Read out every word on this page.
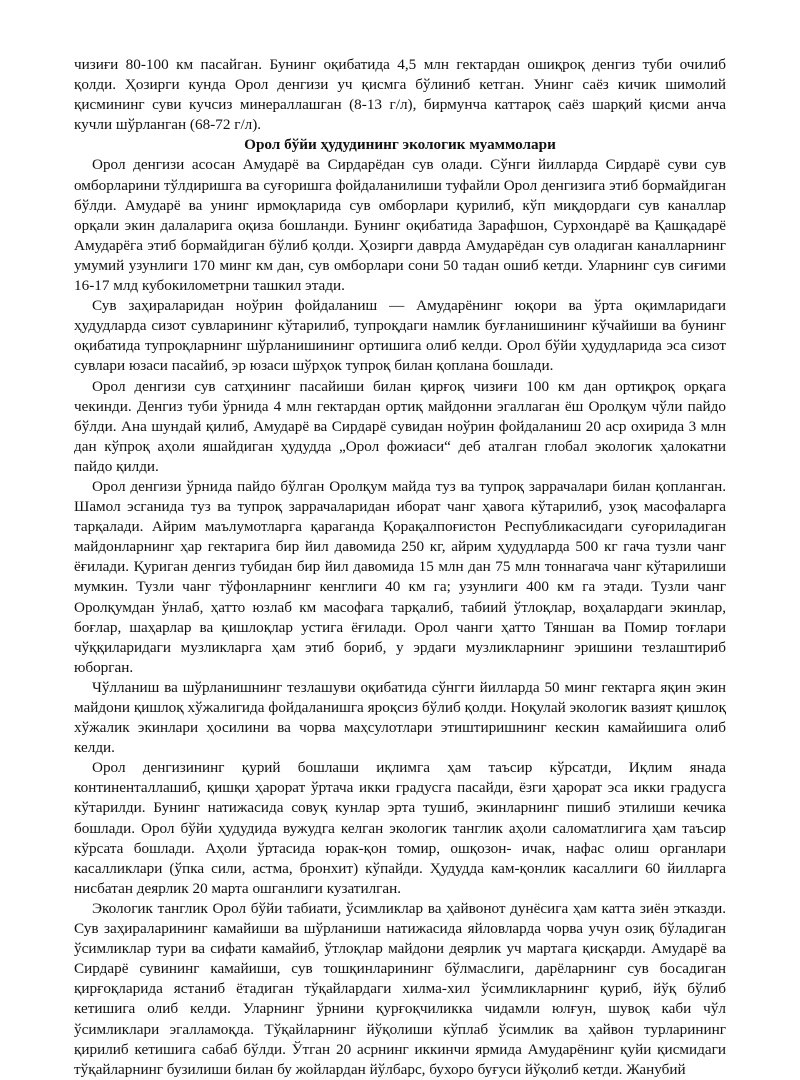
чизиғи 80-100 км пасайган. Бунинг оқибатида 4,5 млн гектардан ошиқроқ денгиз туби очилиб қолди. Ҳозирги кунда Орол денгизи уч қисмга бўлиниб кетган. Унинг саёз кичик шимолий қисмининг суви кучсиз минераллашган (8-13 г/л), бирмунча каттароқ саёз шарқий қисми анча кучли шўрланган (68-72 г/л).

Орол бўйи ҳудудининг экологик муаммолари

Орол денгизи асосан Амударё ва Сирдарёдан сув олади. Сўнги йилларда Сирдарё суви сув омборларини тўлдиришга ва суғоришга фойдаланилиши туфайли Орол денгизига этиб бормайдиган бўлди. Амударё ва унинг ирмоқларида сув омборлари қурилиб, кўп миқдордаги сув каналлар орқали экин далаларига оқиза бошланди. Бунинг оқибатида Зарафшон, Сурхондарё ва Қашқадарё Амударёга этиб бормайдиган бўлиб қолди. Ҳозирги даврда Амударёдан сув оладиган каналларнинг умумий узунлиги 170 минг км дан, сув омборлари сони 50 тадан ошиб кетди. Уларнинг сув сиғими 16-17 млд кубокилометрни ташкил этади.

Сув заҳираларидан ноўрин фойдаланиш — Амударёнинг юқори ва ўрта оқимларидаги ҳудудларда сизот сувларининг кўтарилиб, тупроқдаги намлик буғланишининг кўчайиши ва бунинг оқибатида тупроқларнинг шўрланишининг ортишига олиб келди. Орол бўйи ҳудудларида эса сизот сувлари юзаси пасайиб, эр юзаси шўрҳок тупроқ билан қопланa бошлади.

Орол денгизи сув сатҳининг пасайиши билан қирғоқ чизиғи 100 км дан ортиқроқ орқага чекинди. Денгиз туби ўрнида 4 млн гектардан ортиқ майдонни эгаллаган ёш Оролқум чўли пайдо бўлди. Ана шундай қилиб, Амударё ва Сирдарё сувидан ноўрин фойдаланиш 20 аср охирида 3 млн дан кўпроқ аҳоли яшайдиган ҳудудда „Орол фожиаси“ деб аталган глобал экологик ҳалокатни пайдо қилди.

Орол денгизи ўрнида пайдо бўлган Оролқум майда туз ва тупроқ заррачалари билан қопланган. Шамол эсганида туз ва тупроқ заррачаларидан иборат чанг ҳавога кўтарилиб, узоқ масофаларга тарқалади. Айрим маълумотларга қараганда Қорақалпоғистон Республикасидаги суғориладиган майдонларнинг ҳар гектарига бир йил давомида 250 кг, айрим ҳудудларда 500 кг гача тузли чанг ёғилади. Қуриган денгиз тубидан бир йил давомида 15 млн дан 75 млн тоннагача чанг кўтарилиши мумкин. Тузли чанг тўфонларнинг кенглиги 40 км га; узунлиги 400 км га этади. Тузли чанг Оролқумдан ўнлаб, ҳатто юзлаб км масофага тарқалиб, табиий ўтлоқлар, воҳалардаги экинлар, боғлар, шаҳарлар ва қишлоқлар устига ёғилади. Орол чанги ҳатто Тяншан ва Помир тоғлари чўққиларидаги музликларга ҳам этиб бориб, у эрдаги музликларнинг эришини тезлаштириб юборган.

Чўлланиш ва шўрланишнинг тезлашуви оқибатида сўнгги йилларда 50 минг гектарга яқин экин майдони қишлоқ хўжалигида фойдаланишга яроқсиз бўлиб қолди. Ноқулай экологик вазият қишлоқ хўжалик экинлари ҳосилини ва чорва маҳсулотлари этиштиришнинг кескин камайишига олиб келди.

Орол денгизининг қурий бошлаши иқлимга ҳам таъсир кўрсатди, Иқлим янада континенталлашиб, қишқи ҳарорат ўртача икки градусга пасайди, ёзги ҳарорат эса икки градусга кўтарилди. Бунинг натижасида совуқ кунлар эрта тушиб, экинларнинг пишиб этилиши кечика бошлади. Орол бўйи ҳудудида вужудга келган экологик танглик аҳоли саломатлигига ҳам таъсир кўрсата бошлади. Аҳоли ўртасида юрак-қон томир, ошқозон- ичак, нафас олиш органлари касалликлари (ўпка сили, астма, бронхит) кўпайди. Ҳудудда кам-қонлик касаллиги 60 йилларга нисбатан деярлик 20 марта ошганлиги кузатилган.

Экологик танглик Орол бўйи табиати, ўсимликлар ва ҳайвонот дунёсига ҳам катта зиён этказди. Сув заҳираларининг камайиши ва шўрланиши натижасида яйловларда чорва учун озиқ бўладиган ўсимликлар тури ва сифати камайиб, ўтлоқлар майдони деярлик уч мартага қисқарди. Амударё ва Сирдарё сувининг камайиши, сув тошқинларининг бўлмаслиги, дарёларнинг сув босадиган қирғоқларида ястаниб ётадиган тўқайлардаги хилма-хил ўсимликларнинг қуриб, йўқ бўлиб кетишига олиб келди. Уларнинг ўрнини қурғоқчиликка чидамли юлғун, шувоқ каби чўл ўсимликлари эгалламоқда. Тўқайларнинг йўқолиши кўплаб ўсимлик ва ҳайвон турларининг қирилиб кетишига сабаб бўлди. Ўтган 20 асрнинг иккинчи ярмида Амударёнинг қуйи қисмидаги тўқайларнинг бузилиши билан бу жойлардан йўлбарс, бухоро буғуси йўқолиб кетди. Жанубий
